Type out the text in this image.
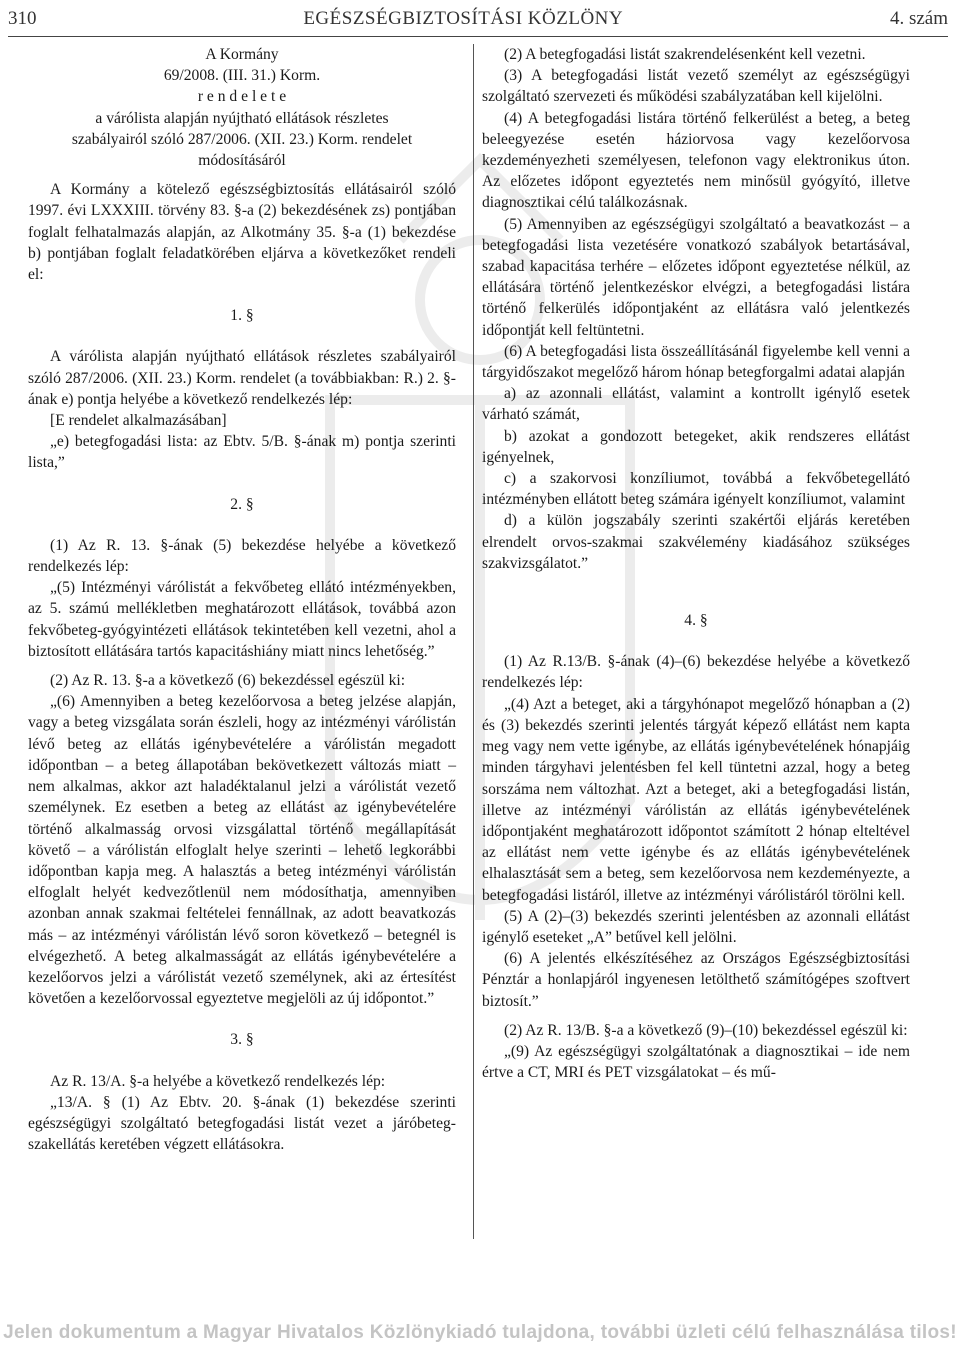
310	EGÉSZSÉGBIZTOSÍTÁSI KÖZLÖNY	4. szám

A Kormány

69/2008. (III. 31.) Korm.

r e n d e l e t e

a várólista alapján nyújtható ellátások részletes

szabályairól szóló 287/2006. (XII. 23.) Korm. rendelet

módosításáról

A Kormány a kötelező egészségbiztosítás ellátásairól szóló 1997. évi LXXXIII. törvény 83. §-a (2) bekezdésének zs) pontjában foglalt felhatalmazás alapján, az Alkotmány 35. §-a (1) bekezdése b) pontjában foglalt feladatkörében eljárva a következőket rendeli el:

1. §

A várólista alapján nyújtható ellátások részletes szabályairól szóló 287/2006. (XII. 23.) Korm. rendelet (a továbbiakban: R.) 2. §-ának e) pontja helyébe a következő rendelkezés lép:

[E rendelet alkalmazásában]

„e) betegfogadási lista: az Ebtv. 5/B. §-ának m) pontja szerinti lista,”

2. §

(1) Az R. 13. §-ának (5) bekezdése helyébe a következő rendelkezés lép:

„(5) Intézményi várólistát a fekvőbeteg ellátó intézményekben, az 5. számú mellékletben meghatározott ellátások, továbbá azon fekvőbeteg-gyógyintézeti ellátások tekintetében kell vezetni, ahol a biztosított ellátására tartós kapacitáshiány miatt nincs lehetőség.”

(2) Az R. 13. §-a a következő (6) bekezdéssel egészül ki:

„(6) Amennyiben a beteg kezelőorvosa a beteg jelzése alapján, vagy a beteg vizsgálata során észleli, hogy az intézményi várólistán lévő beteg az ellátás igénybevételére a várólistán megadott időpontban – a beteg állapotában bekövetkezett változás miatt – nem alkalmas, akkor azt haladéktalanul jelzi a várólistát vezető személynek. Ez esetben a beteg az ellátást az igénybevételére történő alkalmasság orvosi vizsgálattal történő megállapítását követő – a várólistán elfoglalt helye szerinti – lehető legkorábbi időpontban kapja meg. A halasztás a beteg intézményi várólistán elfoglalt helyét kedvezőtlenül nem módosíthatja, amennyiben azonban annak szakmai feltételei fennállnak, az adott beavatkozás más – az intézményi várólistán lévő soron következő – betegnél is elvégezhető. A beteg alkalmasságát az ellátás igénybevételére a kezelőorvos jelzi a várólistát vezető személynek, aki az értesítést követően a kezelőorvossal egyeztetve megjelöli az új időpontot.”

3. §

Az R. 13/A. §-a helyébe a következő rendelkezés lép:

„13/A. § (1) Az Ebtv. 20. §-ának (1) bekezdése szerinti egészségügyi szolgáltató betegfogadási listát vezet a járóbeteg-szakellátás keretében végzett ellátásokra.

(2) A betegfogadási listát szakrendelésenként kell vezetni.

(3) A betegfogadási listát vezető személyt az egészségügyi szolgáltató szervezeti és működési szabályzatában kell kijelölni.

(4) A betegfogadási listára történő felkerülést a beteg, a beteg beleegyezése esetén háziorvosa vagy kezelőorvosa kezdeményezheti személyesen, telefonon vagy elektronikus úton. Az előzetes időpont egyeztetés nem minősül gyógyító, illetve diagnosztikai célú találkozásnak.

(5) Amennyiben az egészségügyi szolgáltató a beavatkozást – a betegfogadási lista vezetésére vonatkozó szabályok betartásával, szabad kapacitása terhére – előzetes időpont egyeztetése nélkül, az ellátására történő jelentkezéskor elvégzi, a betegfogadási listára történő felkerülés időpontjaként az ellátásra való jelentkezés időpontját kell feltüntetni.

(6) A betegfogadási lista összeállításánál figyelembe kell venni a tárgyidőszakot megelőző három hónap betegforgalmi adatai alapján

a) az azonnali ellátást, valamint a kontrollt igénylő esetek várható számát,

b) azokat a gondozott betegeket, akik rendszeres ellátást igényelnek,

c) a szakorvosi konzíliumot, továbbá a fekvőbetegellátó intézményben ellátott beteg számára igényelt konzíliumot, valamint

d) a külön jogszabály szerinti szakértői eljárás keretében elrendelt orvos-szakmai szakvélemény kiadásához szükséges szakvizsgálatot.”

4. §

(1) Az R.13/B. §-ának (4)–(6) bekezdése helyébe a következő rendelkezés lép:

„(4) Azt a beteget, aki a tárgyhónapot megelőző hónapban a (2) és (3) bekezdés szerinti jelentés tárgyát képező ellátást nem kapta meg vagy nem vette igénybe, az ellátás igénybevételének hónapjáig minden tárgyhavi jelentésben fel kell tüntetni azzal, hogy a beteg sorszáma nem változhat. Azt a beteget, aki a betegfogadási listán, illetve az intézményi várólistán az ellátás igénybevételének időpontjaként meghatározott időpontot számított 2 hónap elteltével az ellátást nem vette igénybe és az ellátás igénybevételének elhalasztását sem a beteg, sem kezelőorvosa nem kezdeményezte, a betegfogadási listáról, illetve az intézményi várólistáról törölni kell.

(5) A (2)–(3) bekezdés szerinti jelentésben az azonnali ellátást igénylő eseteket „A” betűvel kell jelölni.

(6) A jelentés elkészítéséhez az Országos Egészségbiztosítási Pénztár a honlapjáról ingyenesen letölthető számítógépes szoftvert biztosít.”

(2) Az R. 13/B. §-a a következő (9)–(10) bekezdéssel egészül ki:

„(9) Az egészségügyi szolgáltatónak a diagnosztikai – ide nem értve a CT, MRI és PET vizsgálatokat – és mű-

Jelen dokumentum a Magyar Hivatalos Közlönykiadó tulajdona, további üzleti célú felhasználása tilos!
